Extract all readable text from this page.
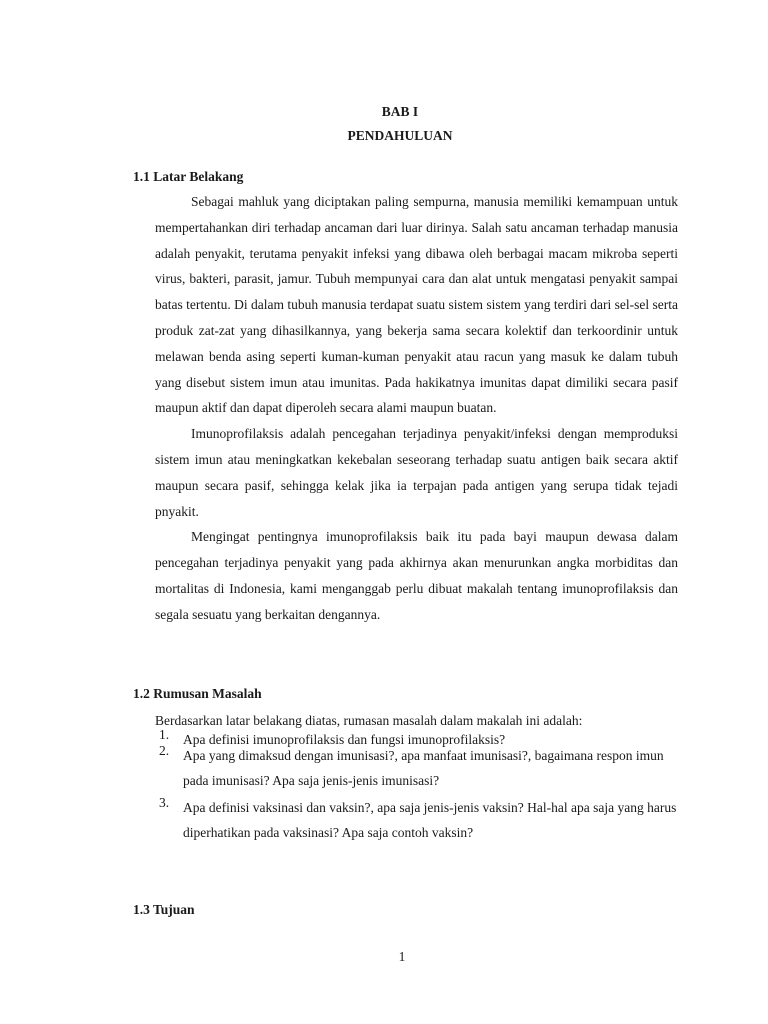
BAB I
PENDAHULUAN
1.1 Latar Belakang

Sebagai mahluk yang diciptakan paling sempurna, manusia memiliki kemampuan untuk mempertahankan diri terhadap ancaman dari luar dirinya. Salah satu ancaman terhadap manusia adalah penyakit, terutama penyakit infeksi yang dibawa oleh berbagai macam mikroba seperti virus, bakteri, parasit, jamur. Tubuh mempunyai cara dan alat untuk mengatasi penyakit sampai batas tertentu. Di dalam tubuh manusia terdapat suatu sistem sistem yang terdiri dari sel-sel serta produk zat-zat yang dihasilkannya, yang bekerja sama secara kolektif dan terkoordinir untuk melawan benda asing seperti kuman-kuman penyakit atau racun yang masuk ke dalam tubuh yang disebut sistem imun atau imunitas. Pada hakikatnya imunitas dapat dimiliki secara pasif maupun aktif dan dapat diperoleh secara alami maupun buatan.

Imunoprofilaksis adalah pencegahan terjadinya penyakit/infeksi dengan memproduksi sistem imun atau meningkatkan kekebalan seseorang terhadap suatu antigen baik secara aktif maupun secara pasif, sehingga kelak jika ia terpajan pada antigen yang serupa tidak tejadi pnyakit.

Mengingat pentingnya imunoprofilaksis baik itu pada bayi maupun dewasa dalam pencegahan terjadinya penyakit yang pada akhirnya akan menurunkan angka morbiditas dan mortalitas di Indonesia, kami menganggab perlu dibuat makalah tentang imunoprofilaksis dan segala sesuatu yang berkaitan dengannya.

1.2 Rumusan Masalah
Berdasarkan latar belakang diatas, rumasan masalah dalam makalah ini adalah:
1. Apa definisi imunoprofilaksis dan fungsi imunoprofilaksis?
2. Apa yang dimaksud dengan imunisasi?, apa manfaat imunisasi?, bagaimana respon imun pada imunisasi? Apa saja jenis-jenis imunisasi?
3. Apa definisi vaksinasi dan vaksin?, apa saja jenis-jenis vaksin? Hal-hal apa saja yang harus diperhatikan pada vaksinasi? Apa saja contoh vaksin?
1.3 Tujuan
1
